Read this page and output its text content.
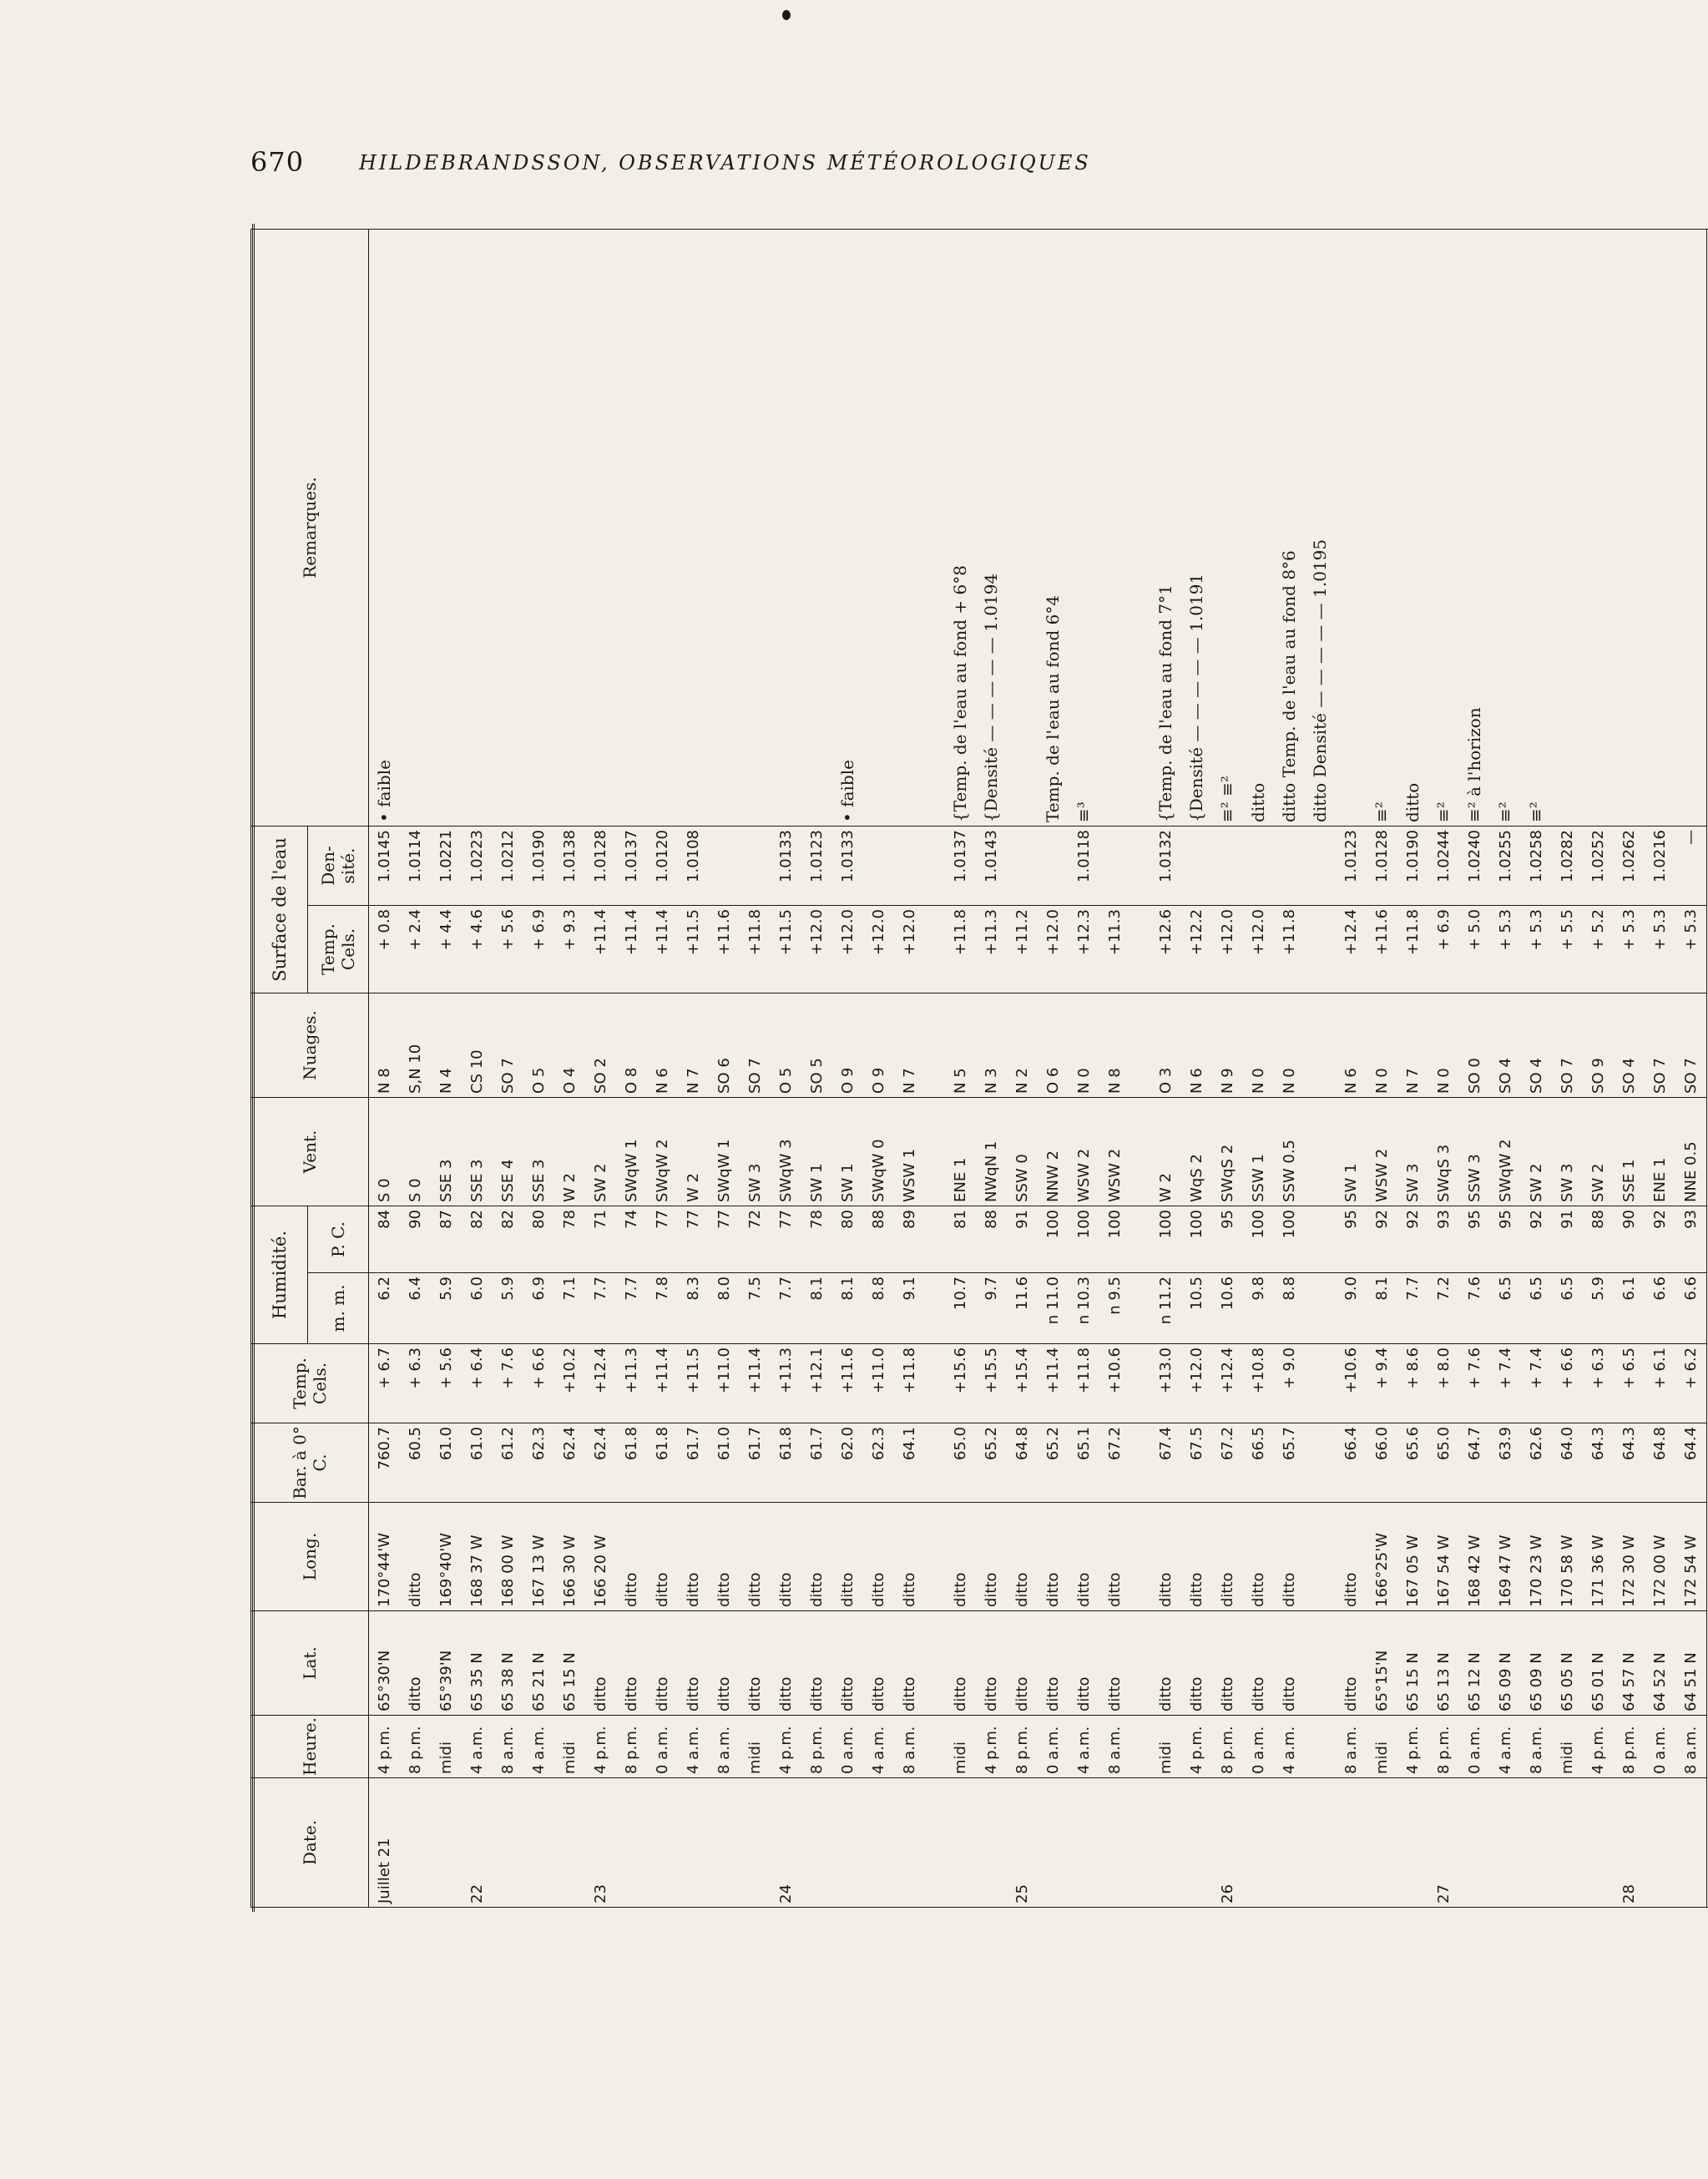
670	HILDEBRANDSSON, OBSERVATIONS MÉTÉOROLOGIQUES
Date.	Heure.	Lat.	Long.	Bar. à 0° C.	Temp. Cels.	Humidité.		Vent.	Nuages.	Surface de l'eau		Remarques.
						m. m.	P. C.			Temp. Cels.	Den- sité.	
Juillet 21	4 p.m.	65°30'N	170°44'W	760.7	+ 6.7	6.2	84	S 0	N 8	+ 0.8	1.0145	• faible
	8 p.m.	ditto	ditto	60.5	+ 6.3	6.4	90	S 0	S,N 10	+ 2.4	1.0114	
	midi	65°39'N	169°40'W	61.0	+ 5.6	5.9	87	SSE 3	N 4	+ 4.4	1.0221	
22	4 a.m.	65 35 N	168 37 W	61.0	+ 6.4	6.0	82	SSE 3	CS 10	+ 4.6	1.0223	
	8 a.m.	65 38 N	168 00 W	61.2	+ 7.6	5.9	82	SSE 4	SO 7	+ 5.6	1.0212	
	4 a.m.	65 21 N	167 13 W	62.3	+ 6.6	6.9	80	SSE 3	O 5	+ 6.9	1.0190	
	midi	65 15 N	166 30 W	62.4	+10.2	7.1	78	W 2	O 4	+ 9.3	1.0138	
23	4 p.m.	ditto	166 20 W	62.4	+12.4	7.7	71	SW 2	SO 2	+11.4	1.0128	
	8 p.m.	ditto	ditto	61.8	+11.3	7.7	74	SWqW 1	O 8	+11.4	1.0137	
	0 a.m.	ditto	ditto	61.8	+11.4	7.8	77	SWqW 2	N 6	+11.4	1.0120	
	4 a.m.	ditto	ditto	61.7	+11.5	8.3	77	W 2	N 7	+11.5	1.0108	
	8 a.m.	ditto	ditto	61.0	+11.0	8.0	77	SWqW 1	SO 6	+11.6		
	midi	ditto	ditto	61.7	+11.4	7.5	72	SW 3	SO 7	+11.8		
24	4 p.m.	ditto	ditto	61.8	+11.3	7.7	77	SWqW 3	O 5	+11.5	1.0133	
	8 p.m.	ditto	ditto	61.7	+12.1	8.1	78	SW 1	SO 5	+12.0	1.0123	
	0 a.m.	ditto	ditto	62.0	+11.6	8.1	80	SW 1	O 9	+12.0	1.0133	• faible
	4 a.m.	ditto	ditto	62.3	+11.0	8.8	88	SWqW 0	O 9	+12.0		
	8 a.m.	ditto	ditto	64.1	+11.8	9.1	89	WSW 1	N 7	+12.0		

	midi	ditto	ditto	65.0	+15.6	10.7	81	ENE 1	N 5	+11.8	1.0137	{Temp. de l'eau au fond + 6°8
	4 p.m.	ditto	ditto	65.2	+15.5	9.7	88	NWqN 1	N 3	+11.3	1.0143	{Densité — — — — — 1.0194
25	8 p.m.	ditto	ditto	64.8	+15.4	11.6	91	SSW 0	N 2	+11.2		
	0 a.m.	ditto	ditto	65.2	+11.4	n 11.0	100	NNW 2	O 6	+12.0		Temp. de l'eau au fond 6°4
	4 a.m.	ditto	ditto	65.1	+11.8	n 10.3	100	WSW 2	N 0	+12.3	1.0118	≡³
	8 a.m.	ditto	ditto	67.2	+10.6	n 9.5	100	WSW 2	N 8	+11.3		

	midi	ditto	ditto	67.4	+13.0	n 11.2	100	W 2	O 3	+12.6	1.0132	{Temp. de l'eau au fond 7°1
	4 p.m.	ditto	ditto	67.5	+12.0	10.5	100	WqS 2	N 6	+12.2		{Densité — — — — — 1.0191
26	8 p.m.	ditto	ditto	67.2	+12.4	10.6	95	SWqS 2	N 9	+12.0		≡² ≡²
	0 a.m.	ditto	ditto	66.5	+10.8	9.8	100	SSW 1	N 0	+12.0		ditto
	4 a.m.	ditto	ditto	65.7	+ 9.0	8.8	100	SSW 0.5	N 0	+11.8		ditto Temp. de l'eau au fond 8°6
												ditto Densité — — — — — 1.0195
	8 a.m.	ditto	ditto	66.4	+10.6	9.0	95	SW 1	N 6	+12.4	1.0123	
	midi	65°15'N	166°25'W	66.0	+ 9.4	8.1	92	WSW 2	N 0	+11.6	1.0128	≡²
	4 p.m.	65 15 N	167 05 W	65.6	+ 8.6	7.7	92	SW 3	N 7	+11.8	1.0190	ditto
27	8 p.m.	65 13 N	167 54 W	65.0	+ 8.0	7.2	93	SWqS 3	N 0	+ 6.9	1.0244	≡²
	0 a.m.	65 12 N	168 42 W	64.7	+ 7.6	7.6	95	SSW 3	SO 0	+ 5.0	1.0240	≡² à l'horizon
	4 a.m.	65 09 N	169 47 W	63.9	+ 7.4	6.5	95	SWqW 2	SO 4	+ 5.3	1.0255	≡²
	8 a.m.	65 09 N	170 23 W	62.6	+ 7.4	6.5	92	SW 2	SO 4	+ 5.3	1.0258	≡²
	midi	65 05 N	170 58 W	64.0	+ 6.6	6.5	91	SW 3	SO 7	+ 5.5	1.0282	
	4 p.m.	65 01 N	171 36 W	64.3	+ 6.3	5.9	88	SW 2	SO 9	+ 5.2	1.0252	
28	8 p.m.	64 57 N	172 30 W	64.3	+ 6.5	6.1	90	SSE 1	SO 4	+ 5.3	1.0262	
	0 a.m.	64 52 N	172 00 W	64.8	+ 6.1	6.6	92	ENE 1	SO 7	+ 5.3	1.0216	
	8 a.m.	64 51 N	172 54 W	64.4	+ 6.2	6.6	93	NNE 0.5	SO 7	+ 5.3	—	
